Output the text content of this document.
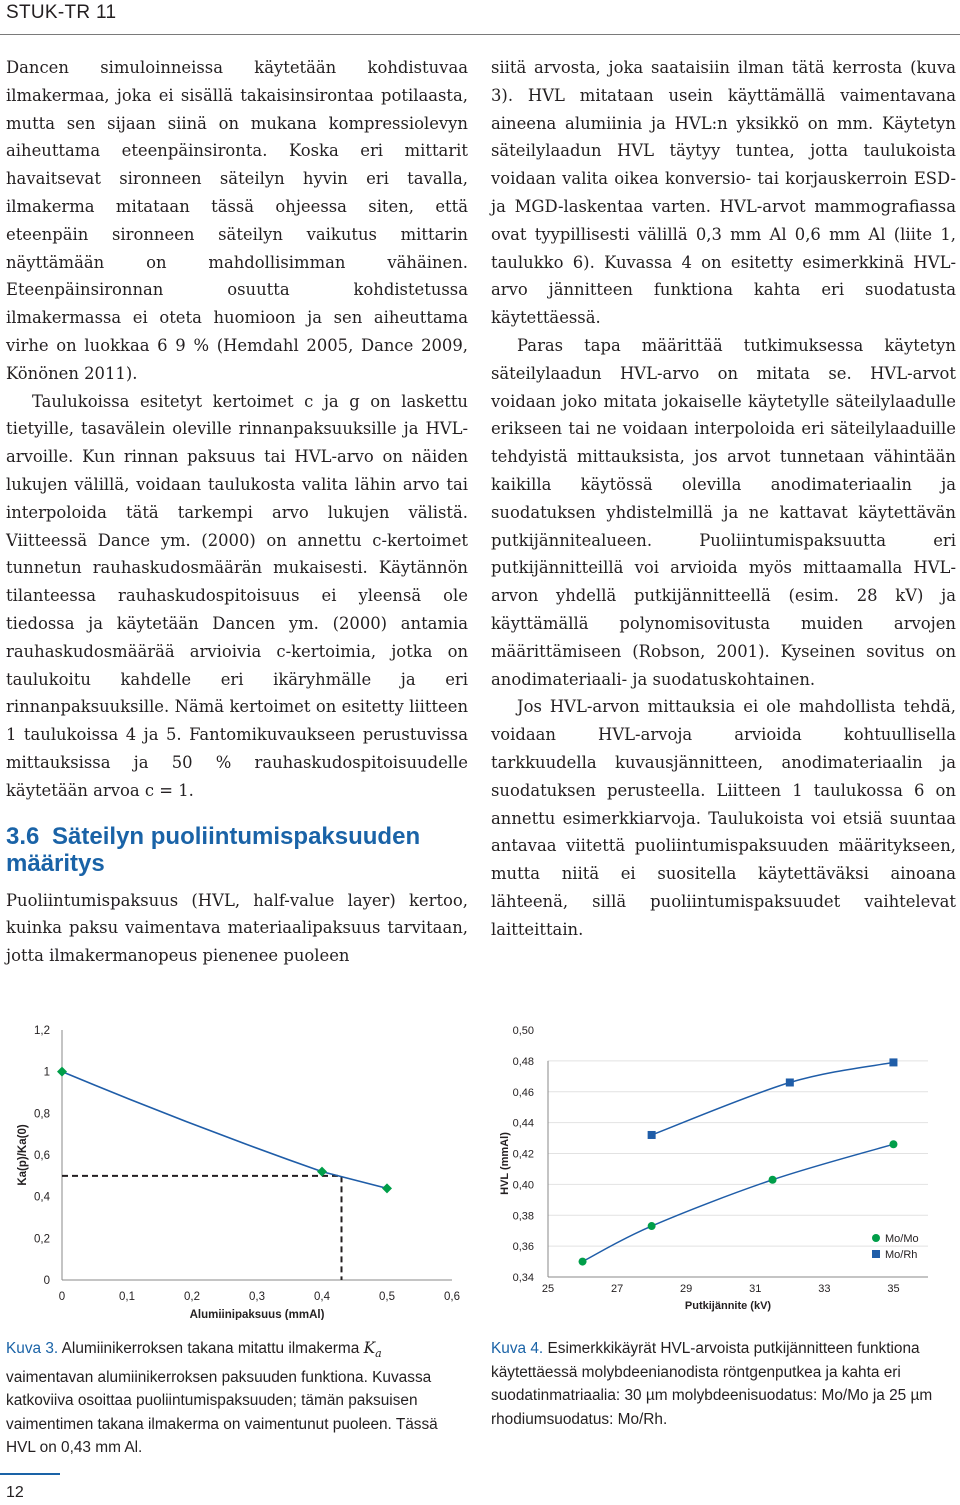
STUK-TR 11

Dancen simuloinneissa käytetään kohdistuvaa ilmakermaa, joka ei sisällä takaisinsirontaa potilaasta, mutta sen sijaan siinä on mukana kompressiolevyn aiheuttama eteenpäinsironta. Koska eri mittarit havaitsevat sironneen säteilyn hyvin eri tavalla, ilmakerma mitataan tässä ohjeessa siten, että eteenpäin sironneen säteilyn vaikutus mittarin näyttämään on mahdollisimman vähäinen. Eteenpäinsironnan osuutta kohdistetussa ilmakermassa ei oteta huomioon ja sen aiheuttama virhe on luokkaa 6 9 % (Hemdahl 2005, Dance 2009, Könönen 2011).

Taulukoissa esitetyt kertoimet c ja g on laskettu tietyille, tasavälein oleville rinnanpaksuuksille ja HVL-arvoille. Kun rinnan paksuus tai HVL-arvo on näiden lukujen välillä, voidaan taulukosta valita lähin arvo tai interpoloida tätä tarkempi arvo lukujen välistä. Viitteessä Dance ym. (2000) on annettu c-kertoimet tunnetun rauhaskudosmäärän mukaisesti. Käytännön tilanteessa rauhaskudospitoisuus ei yleensä ole tiedossa ja käytetään Dancen ym. (2000) antamia rauhaskudosmäärää arvioivia c-kertoimia, jotka on taulukoitu kahdelle eri ikäryhmälle ja eri rinnanpaksuuksille. Nämä kertoimet on esitetty liitteen 1 taulukoissa 4 ja 5. Fantomikuvaukseen perustuvissa mittauksissa ja 50 % rauhaskudospitoisuudelle käytetään arvoa c = 1.

3.6 Säteilyn puoliintumispaksuuden määritys

Puoliintumispaksuus (HVL, half-value layer) kertoo, kuinka paksu vaimentava materiaalipaksuus tarvitaan, jotta ilmakermanopeus pienenee puoleen

siitä arvosta, joka saataisiin ilman tätä kerrosta (kuva 3). HVL mitataan usein käyttämällä vaimentavana aineena alumiinia ja HVL:n yksikkö on mm. Käytetyn säteilylaadun HVL täytyy tuntea, jotta taulukoista voidaan valita oikea konversio- tai korjauskerroin ESD- ja MGD-laskentaa varten. HVL-arvot mammografiassa ovat tyypillisesti välillä 0,3 mm Al 0,6 mm Al (liite 1, taulukko 6). Kuvassa 4 on esitetty esimerkkinä HVL-arvo jännitteen funktiona kahta eri suodatusta käytettäessä.

Paras tapa määrittää tutkimuksessa käytetyn säteilylaadun HVL-arvo on mitata se. HVL-arvot voidaan joko mitata jokaiselle käytetylle säteilylaadulle erikseen tai ne voidaan interpoloida eri säteilylaaduille tehdyistä mittauksista, jos arvot tunnetaan vähintään kaikilla käytössä olevilla anodimateriaalin ja suodatuksen yhdistelmillä ja ne kattavat käytettävän putkijännitealueen. Puoliintumispaksuutta eri putkijännitteillä voi arvioida myös mittaamalla HVL-arvon yhdellä putkijännitteellä (esim. 28 kV) ja käyttämällä polynomisovitusta muiden arvojen määrittämiseen (Robson, 2001). Kyseinen sovitus on anodimateriaali- ja suodatuskohtainen.

Jos HVL-arvon mittauksia ei ole mahdollista tehdä, voidaan HVL-arvoja arvioida kohtuullisella tarkkuudella kuvausjännitteen, anodimateriaalin ja suodatuksen perusteella. Liitteen 1 taulukossa 6 on annettu esimerkkiarvoja. Taulukoista voi etsiä suuntaa antavaa viitettä puoliintumispaksuuden määritykseen, mutta niitä ei suositella käytettäväksi ainoana lähteenä, sillä puoliintumispaksuudet vaihtelevat laitteittain.

0
0,2
0,4
0,6
0,8
1
1,2
0	0,1	0,2	0,3	0,4	0,5	0,6
Alumiinipaksuus (mmAl)
Ka(p)/Ka(0)
0,34
0,36
0,38
0,40
0,42
0,44
0,46
0,48
0,50
25	27	29	31	33	35
Putkijännite (kV)
HVL (mmAl)
Mo/Mo
Mo/Rh
Kuva 3. Alumiinikerroksen takana mitattu ilmakerma $K_a$ vaimentavan alumiinikerroksen paksuuden funktiona. Kuvassa katkoviiva osoittaa puoliintumispaksuuden; tämän paksuisen vaimentimen takana ilmakerma on vaimentunut puoleen. Tässä HVL on 0,43 mm Al.
Kuva 4. Esimerkkikäyrät HVL-arvoista putkijännitteen funktiona käytettäessä molybdeenianodista röntgenputkea ja kahta eri suodatinmatriaalia: 30 µm molybdeenisuodatus: Mo/Mo ja 25 µm rhodiumsuodatus: Mo/Rh.
12
